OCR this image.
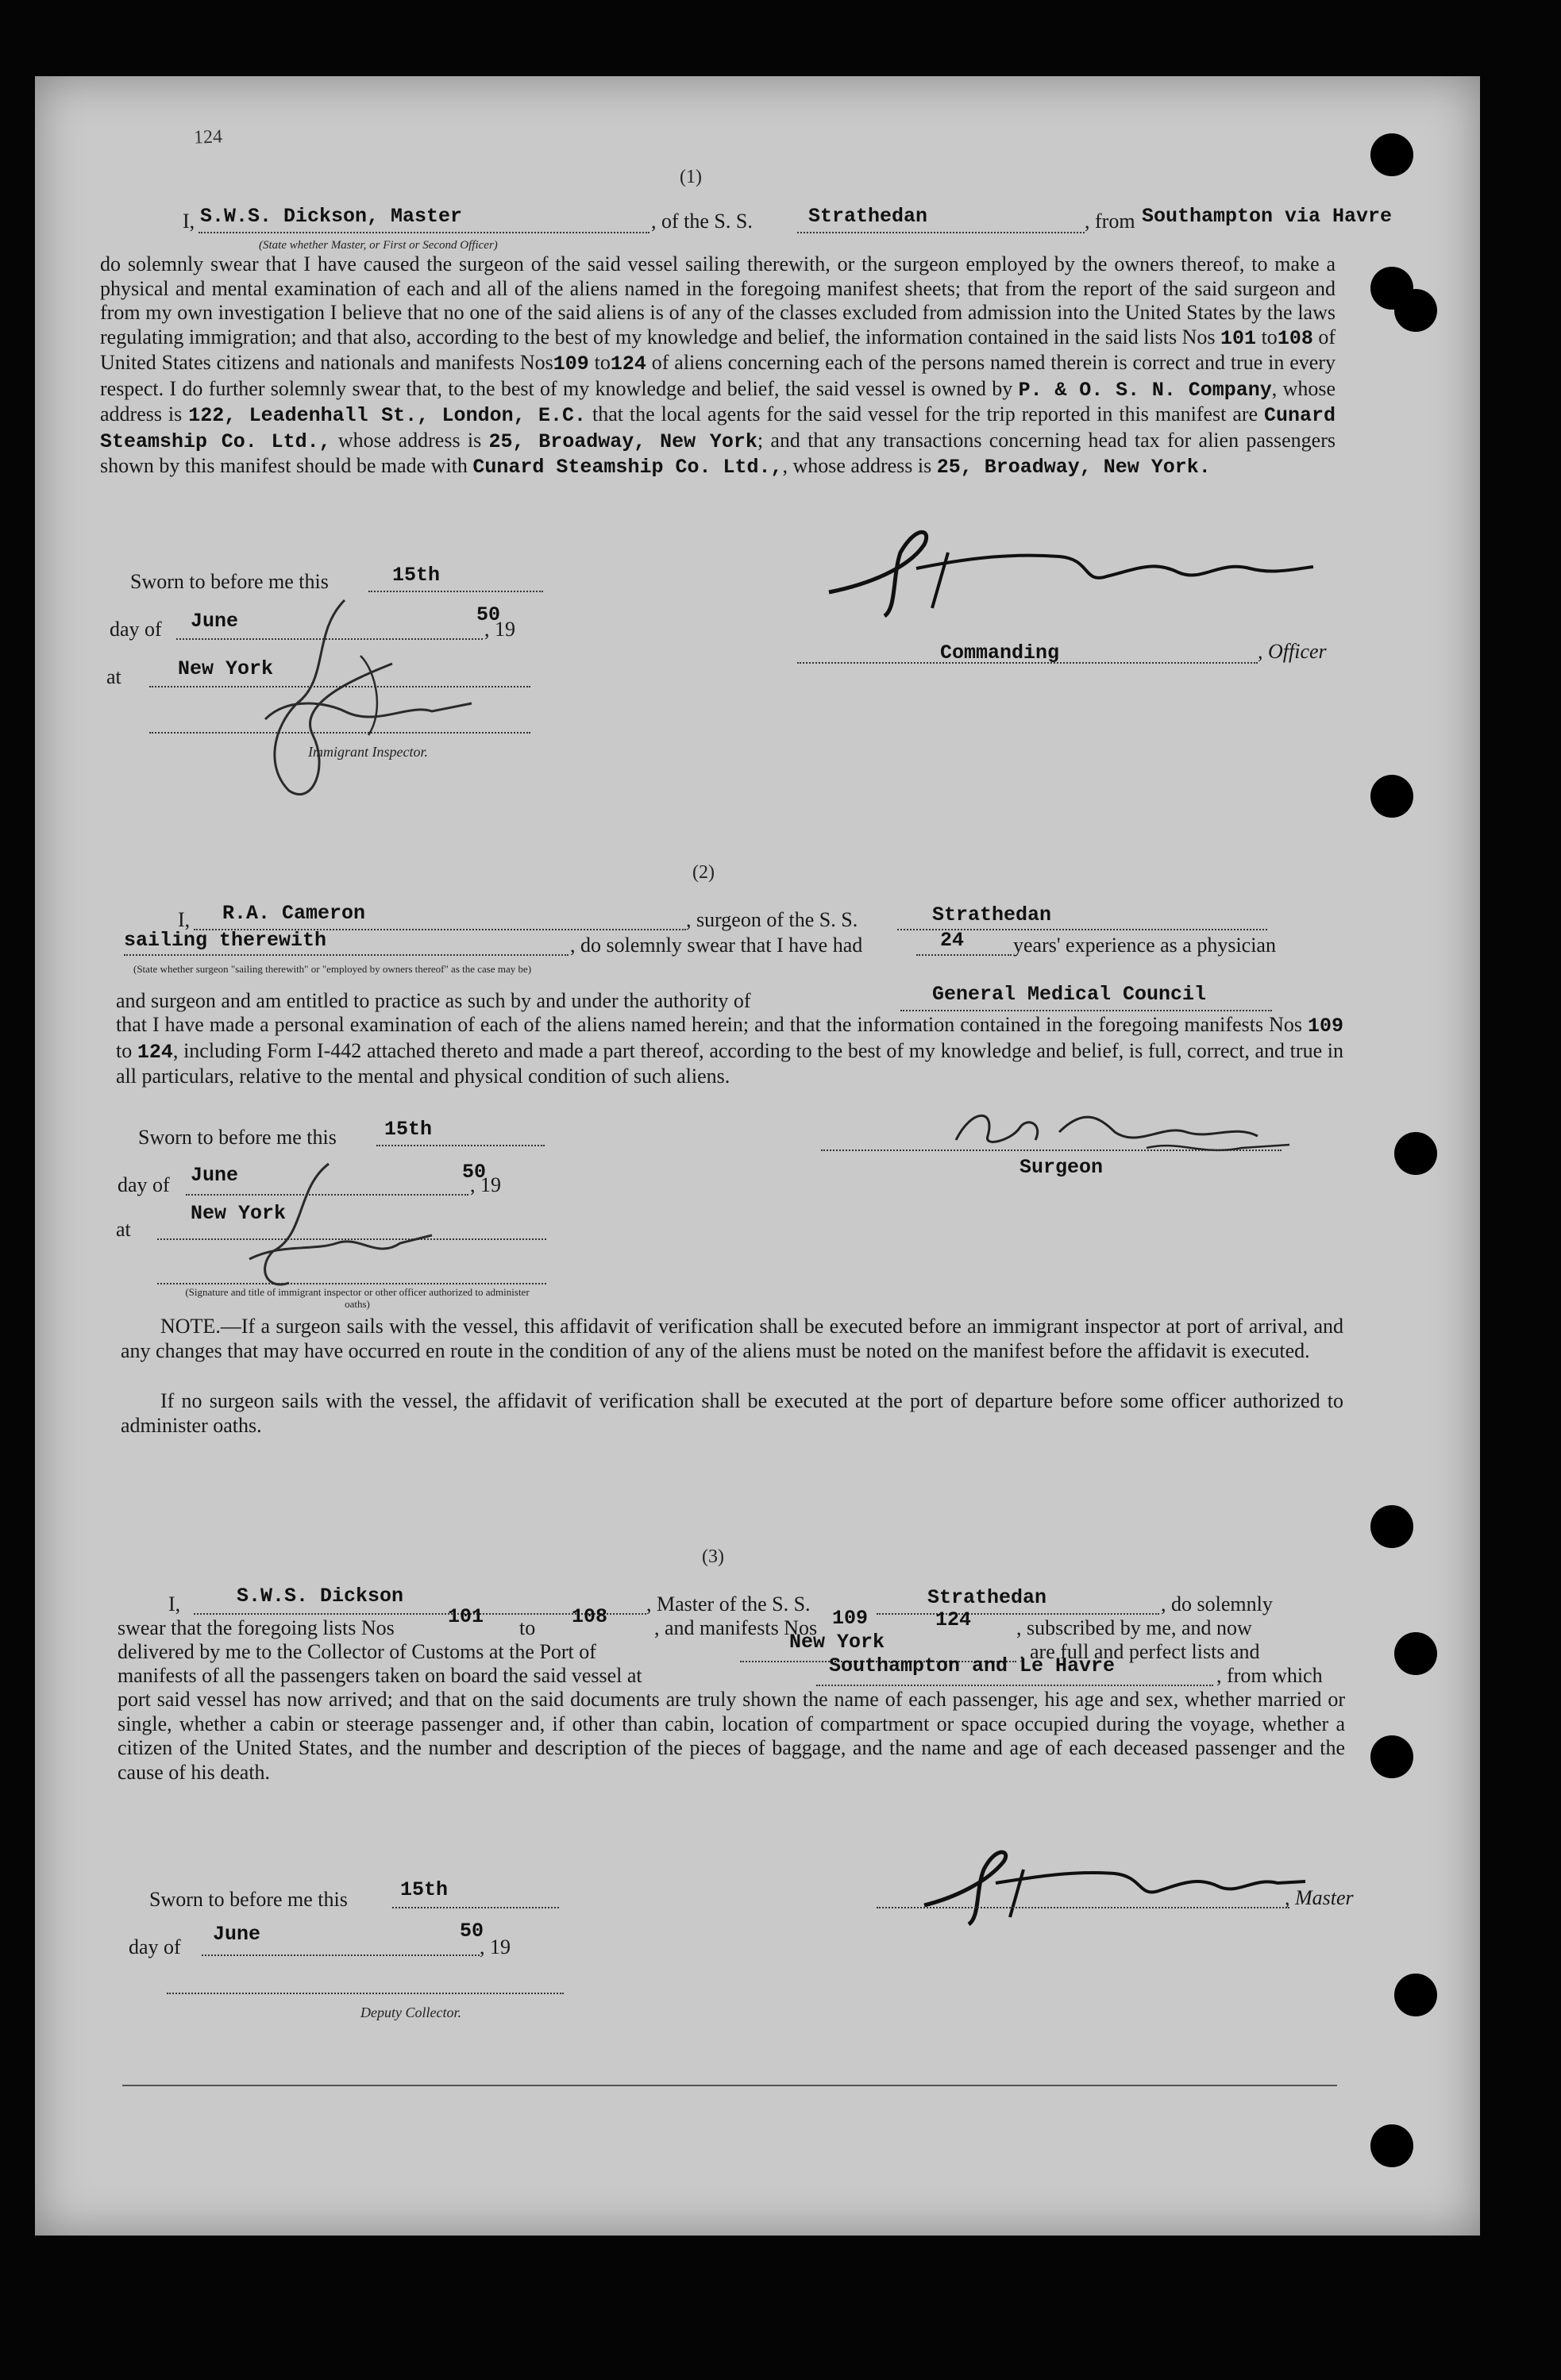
124
(1)
I, S.W.S. Dickson, Master
(State whether Master, or First or Second Officer)
, of the S. S.	Strathedan	, from Southampton via Havre
do solemnly swear that I have caused the surgeon of the said vessel sailing therewith, or the surgeon employed by the owners thereof, to make a physical and mental examination of each and all of the aliens named in the foregoing manifest sheets; that from the report of the said surgeon and from my own investigation I believe that no one of the said aliens is of any of the classes excluded from admission into the United States by the laws regulating immigration; and that also, according to the best of my knowledge and belief, the information contained in the said lists Nos 101 to108 of United States citizens and nationals and manifests Nos109 to124 of aliens concerning each of the persons named therein is correct and true in every respect. I do further solemnly swear that, to the best of my knowledge and belief, the said vessel is owned by P. & O. S. N. Company, whose address is 122, Leadenhall St., London, E.C. that the local agents for the said vessel for the trip reported in this manifest are Cunard Steamship Co. Ltd., whose address is 25, Broadway, New York; and that any transactions concerning head tax for alien passengers shown by this manifest should be made with Cunard Steamship Co. Ltd.,, whose address is 25, Broadway, New York.
Sworn to before me this	15th
day of June	, 19
50
at	New York
Immigrant Inspector.
Commanding	, Officer
(2)
I, R.A. Cameron	, surgeon of the S. S.	Strathedan
sailing therewith	, do solemnly swear that I have had	24 years' experience as a physician
(State whether surgeon "sailing therewith" or "employed by owners thereof" as the case may be)
and surgeon and am entitled to practice as such by and under the authority of	General Medical Council
that I have made a personal examination of each of the aliens named herein; and that the information contained in the foregoing manifests Nos 109 to 124, including Form I-442 attached thereto and made a part thereof, according to the best of my knowledge and belief, is full, correct, and true in all particulars, relative to the mental and physical condition of such aliens.
Sworn to before me this 15th
day of June	, 19
50
at
New York
(Signature and title of immigrant inspector or other officer authorized to administer oaths)
Surgeon
NOTE.—If a surgeon sails with the vessel, this affidavit of verification shall be executed before an immigrant inspector at port of arrival, and any changes that may have occurred en route in the condition of any of the aliens must be noted on the manifest before the affidavit is executed.
If no surgeon sails with the vessel, the affidavit of verification shall be executed at the port of departure before some officer authorized to administer oaths.
(3)
I,	S.W.S. Dickson	, Master of the S. S.	Strathedan	, do solemnly
swear that the foregoing lists Nos	101 to 108 , and manifests Nos 109	124 , subscribed by me, and now
delivered by me to the Collector of Customs at the Port of	New York	, are full and perfect lists and
manifests of all the passengers taken on board the said vessel at	Southampton and Le Havre	, from which
port said vessel has now arrived; and that on the said documents are truly shown the name of each passenger, his age and sex, whether married or single, whether a cabin or steerage passenger and, if other than cabin, location of compartment or space occupied during the voyage, whether a citizen of the United States, and the number and description of the pieces of baggage, and the name and age of each deceased passenger and the cause of his death.
, Master
Sworn to before me this	15th
day of
June
, 19
50
Deputy Collector.
